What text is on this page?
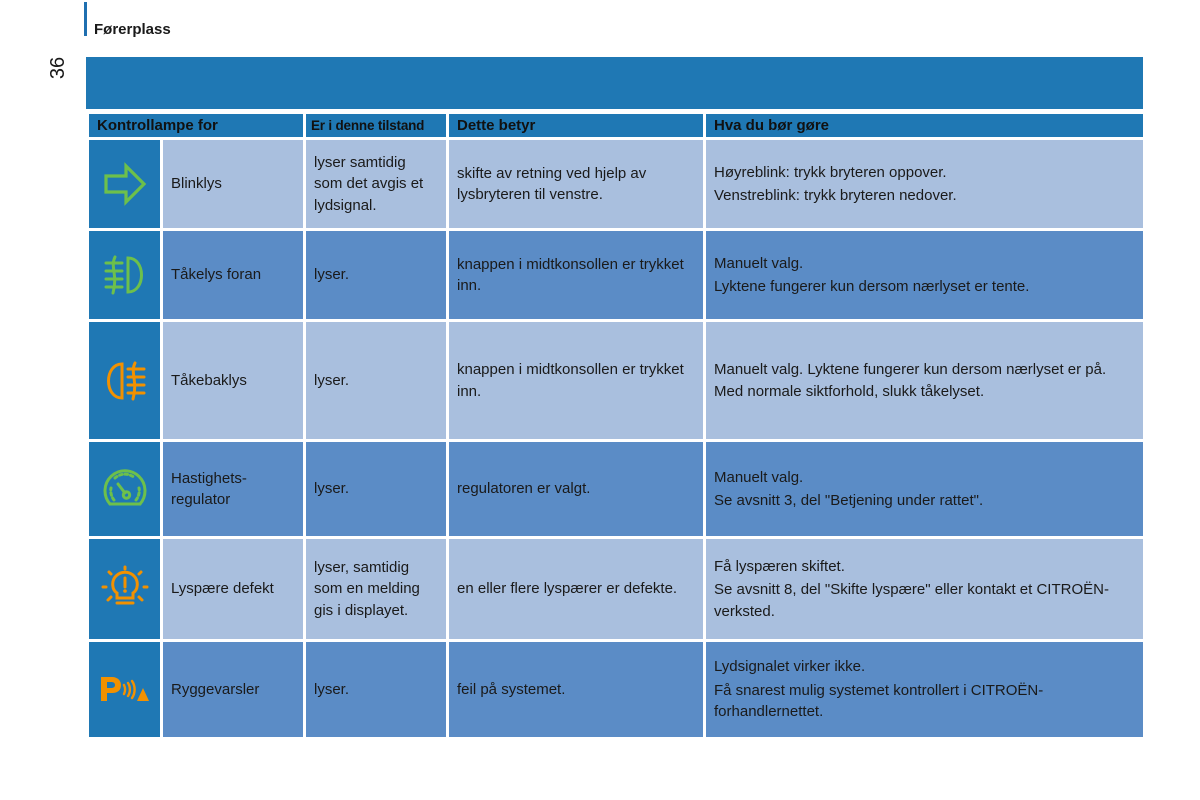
Førerplass
36
Kontrollampe for		Er i denne tilstand	Dette betyr	Hva du bør gøre

	Blinklys	lyser samtidig som det avgis et lydsignal.	skifte av retning ved hjelp av lysbryteren til venstre.	Høyreblink: trykk bryteren oppover.
Venstreblink: trykk bryteren nedover.

	Tåkelys foran	lyser.	knappen i midtkonsollen er trykket inn.	Manuelt valg.
Lyktene fungerer kun dersom nærlyset er tente.

	Tåkebaklys	lyser.	knappen i midtkonsollen er trykket inn.	Manuelt valg. Lyktene fungerer kun dersom nærlyset er på. Med normale siktforhold, slukk tåkelyset.

	Hastighets-regulator	lyser.	regulatoren er valgt.	Manuelt valg.
Se avsnitt 3, del "Betjening under rattet".

	Lyspære defekt	lyser, samtidig som en melding gis i displayet.	en eller flere lyspærer er defekte.	Få lyspæren skiftet.
Se avsnitt 8, del "Skifte lyspære" eller kontakt et CITROËN-verksted.

	Ryggevarsler	lyser.	feil på systemet.	Lydsignalet virker ikke.
Få snarest mulig systemet kontrollert i CITROËN-forhandlernettet.
